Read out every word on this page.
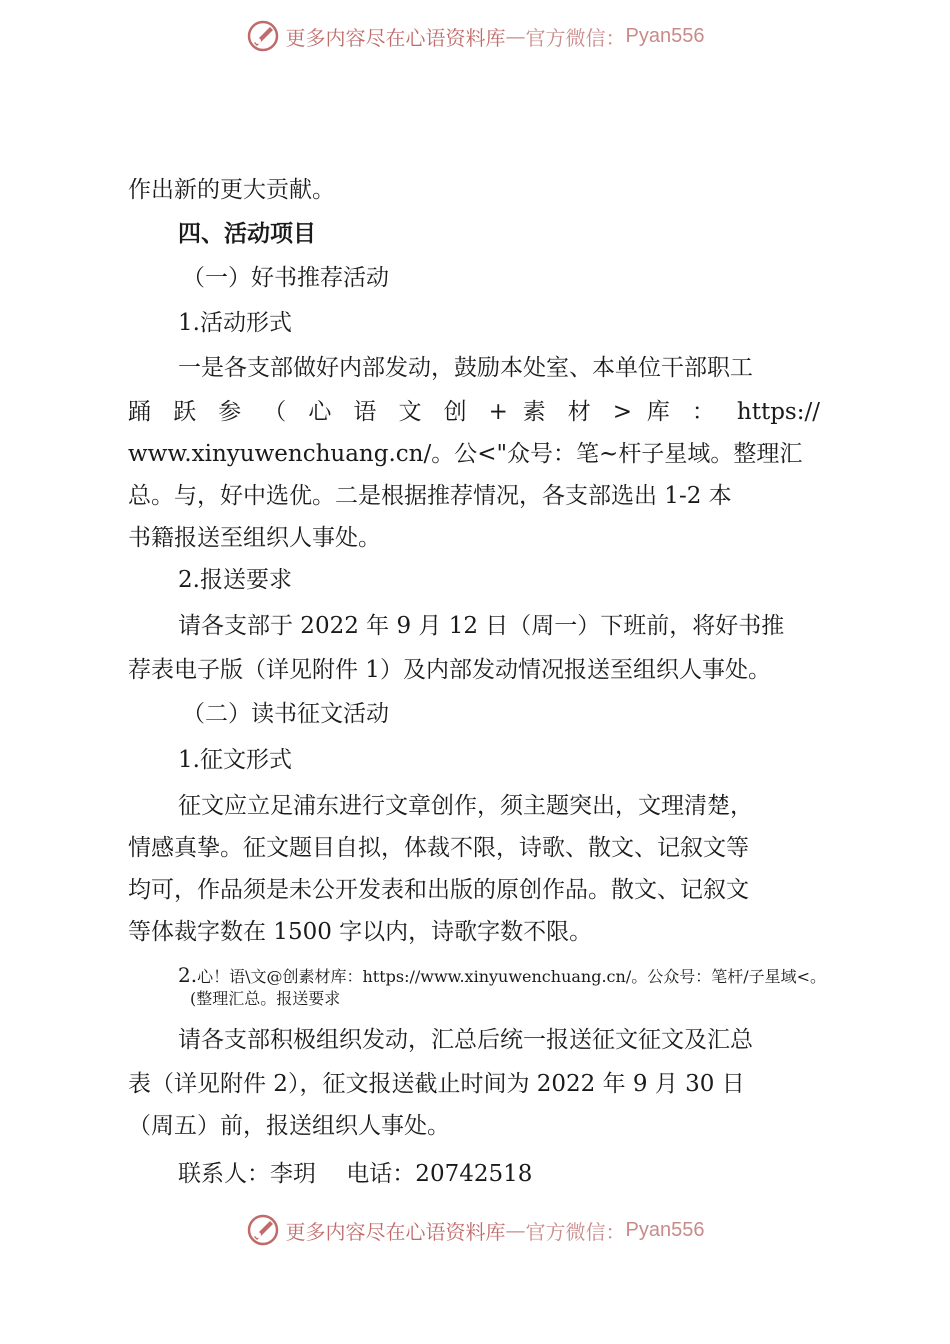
更多内容尽在心语资料库 — 官方微信： Pyan556
作出新的更大贡献。
四、活动项目
（一）好书推荐活动
1.活动形式
一是各支部做好内部发动，鼓励本处室、本单位干部职工
踊 跃 参 （ 心 语 文 创 + 素 材 > 库 ： https://
www.xinyuwenchuang.cn/。公<"众号：笔~杆子星域。整理汇
总。与，好中选优。二是根据推荐情况，各支部选出 1-2 本
书籍报送至组织人事处。
2.报送要求
请各支部于 2022 年 9 月 12 日（周一）下班前，将好书推
荐表电子版（详见附件 1）及内部发动情况报送至组织人事处。
（二）读书征文活动
1.征文形式
征文应立足浦东进行文章创作，须主题突出，文理清楚，
情感真挚。征文题目自拟，体裁不限，诗歌、散文、记叙文等
均可，作品须是未公开发表和出版的原创作品。散文、记叙文
等体裁字数在 1500 字以内，诗歌字数不限。
2.心！语\文@创素材库：https://www.xinyuwenchuang.cn/。公众号：笔杆/子星域<。
(整理汇总。报送要求
请各支部积极组织发动，汇总后统一报送征文征文及汇总
表（详见附件 2），征文报送截止时间为 2022 年 9 月 30 日
（周五）前，报送组织人事处。
联系人：李玥　 电话：20742518
更多内容尽在心语资料库 — 官方微信： Pyan556
